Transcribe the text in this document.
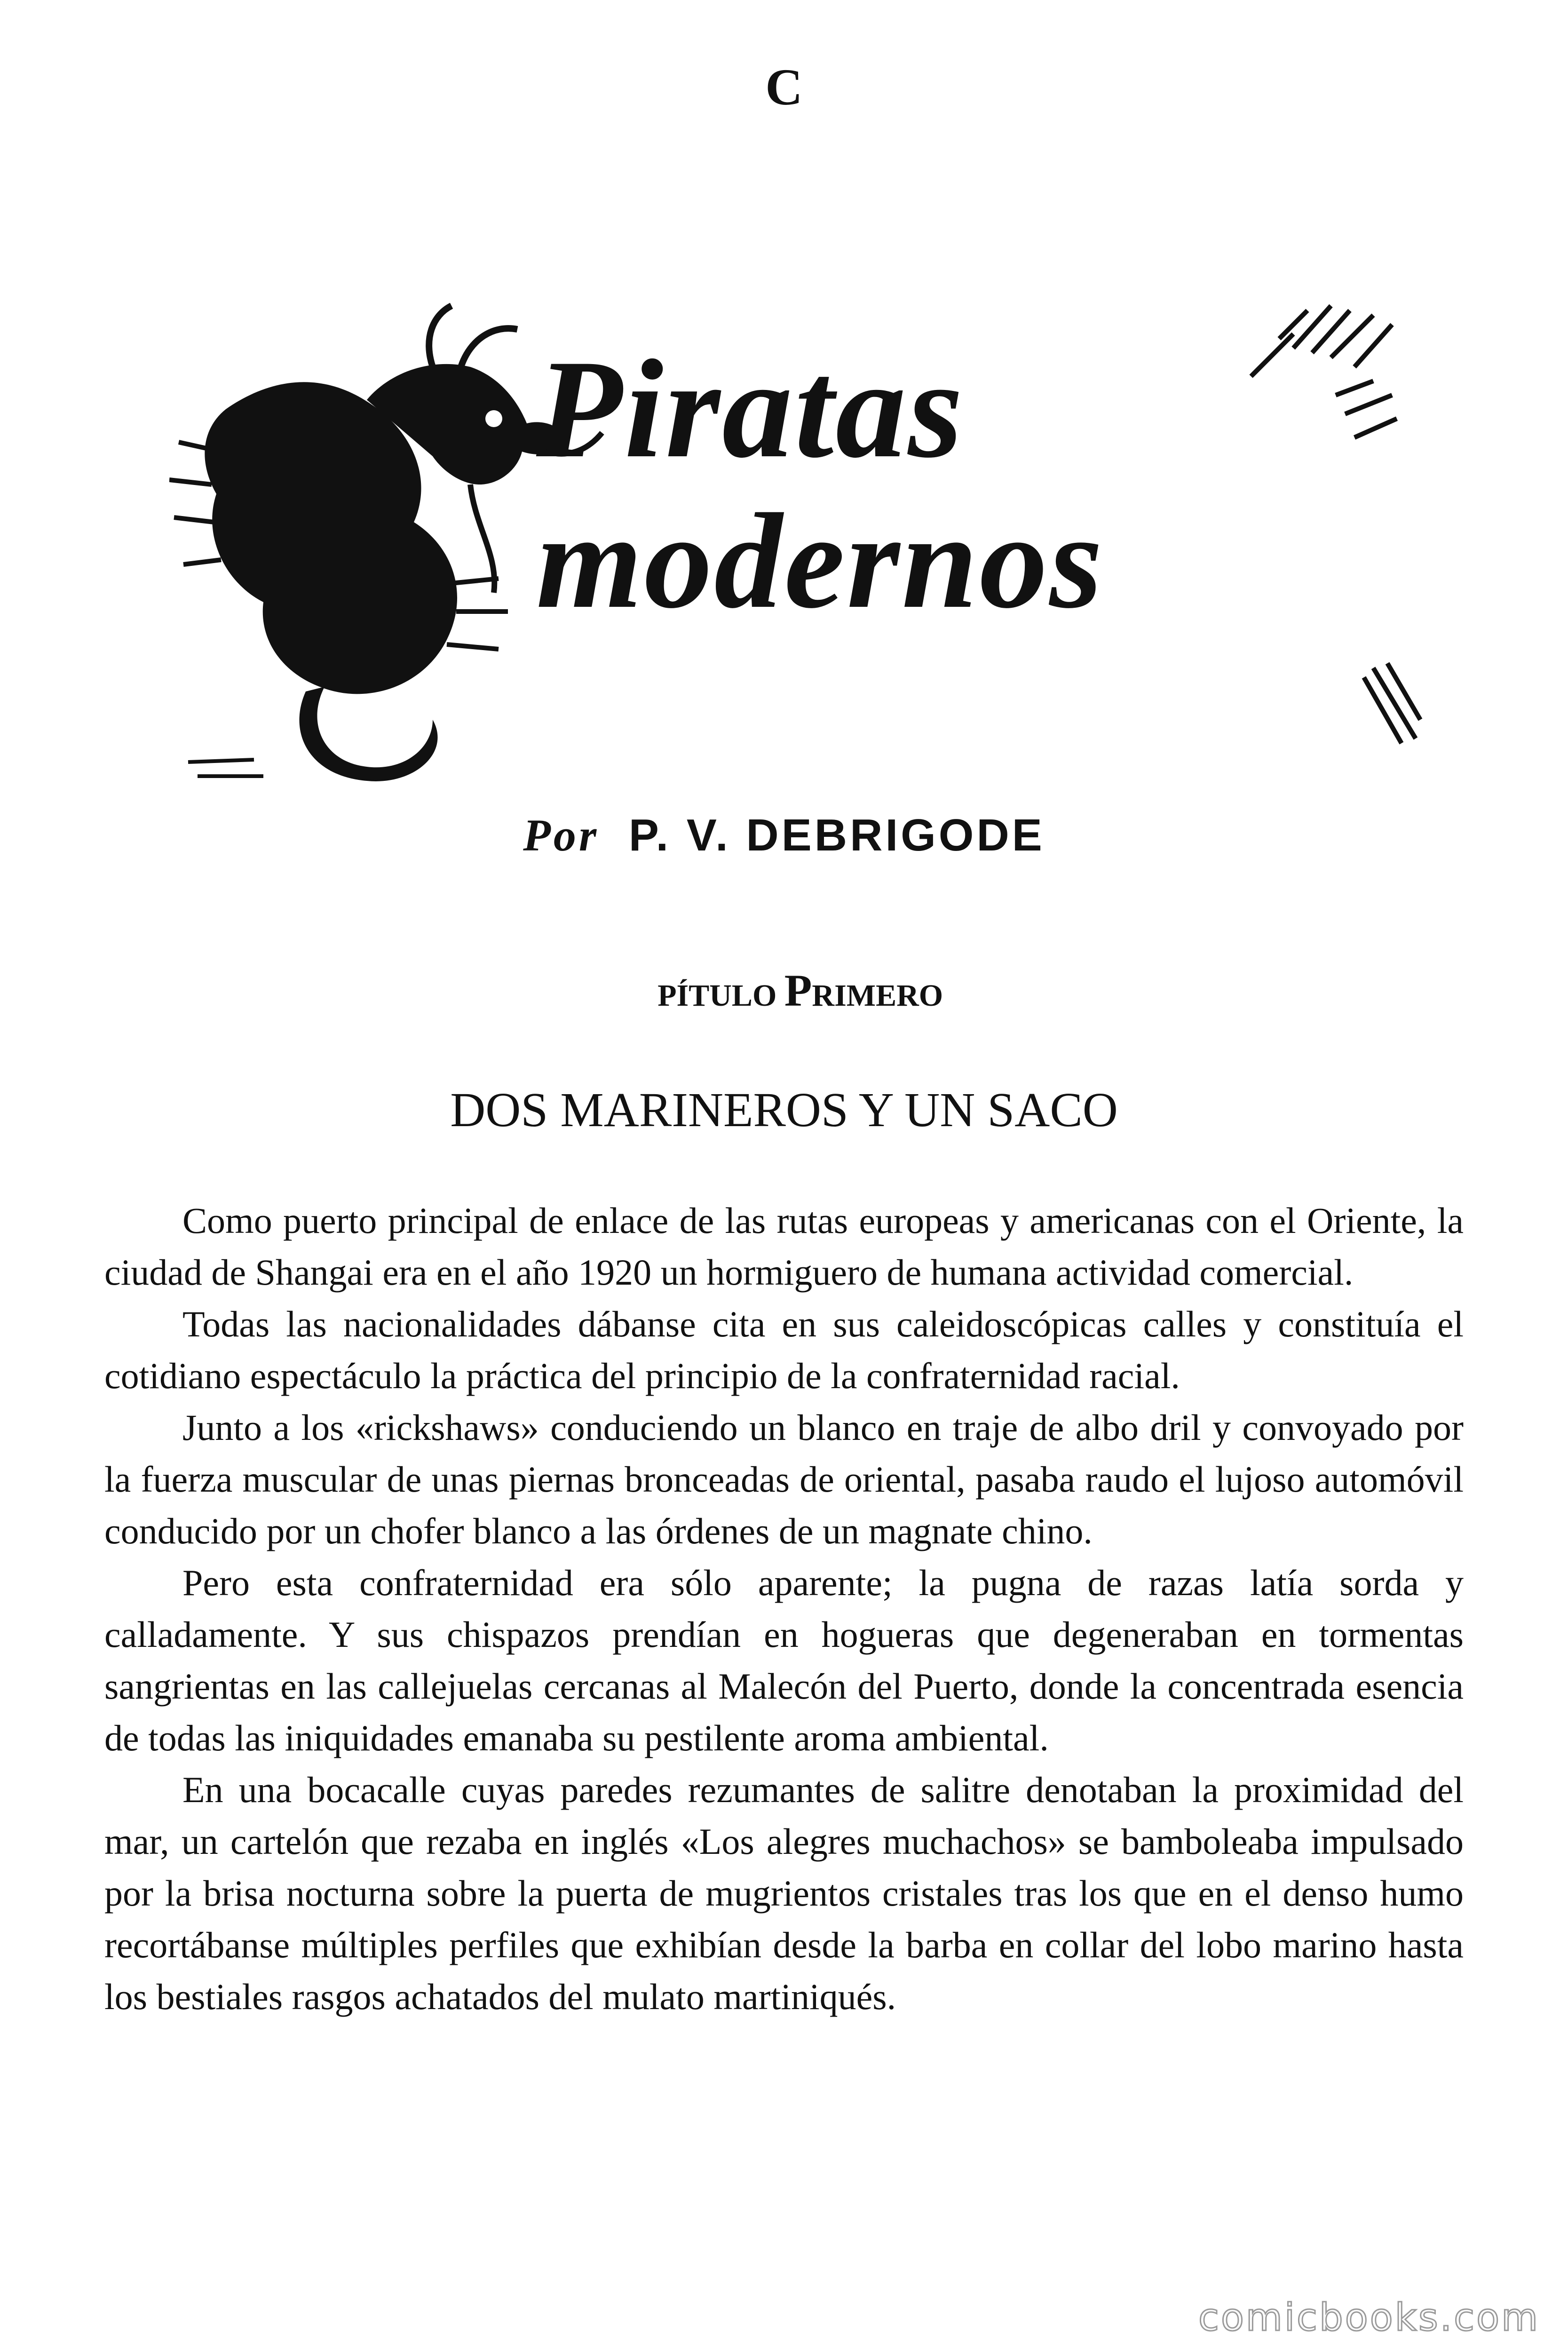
C
Piratas
modernos
Por P. V. DEBRIGODE
PÍTULO PRIMERO
DOS MARINEROS Y UN SACO

Como puerto principal de enlace de las rutas europeas y americanas con el Oriente, la ciudad de Shangai era en el año 1920 un hormiguero de humana actividad comercial.

Todas las nacionalidades dábanse cita en sus caleidoscópicas calles y constituía el cotidiano espectáculo la práctica del principio de la confraternidad racial.

Junto a los «rickshaws» conduciendo un blanco en traje de albo dril y convoyado por la fuerza muscular de unas piernas bronceadas de oriental, pasaba raudo el lujoso automóvil conducido por un chofer blanco a las órdenes de un magnate chino.

Pero esta confraternidad era sólo aparente; la pugna de razas latía sorda y calladamente. Y sus chispazos prendían en hogueras que degeneraban en tormentas sangrientas en las callejuelas cercanas al Malecón del Puerto, donde la concentrada esencia de todas las iniquidades emanaba su pestilente aroma ambiental.

En una bocacalle cuyas paredes rezumantes de salitre denotaban la proximidad del mar, un cartelón que rezaba en inglés «Los alegres muchachos» se bamboleaba impulsado por la brisa nocturna sobre la puerta de mugrientos cristales tras los que en el denso humo recortábanse múltiples perfiles que exhibían desde la barba en collar del lobo marino hasta los bestiales rasgos achatados del mulato martiniqués.

comicbooks.com
